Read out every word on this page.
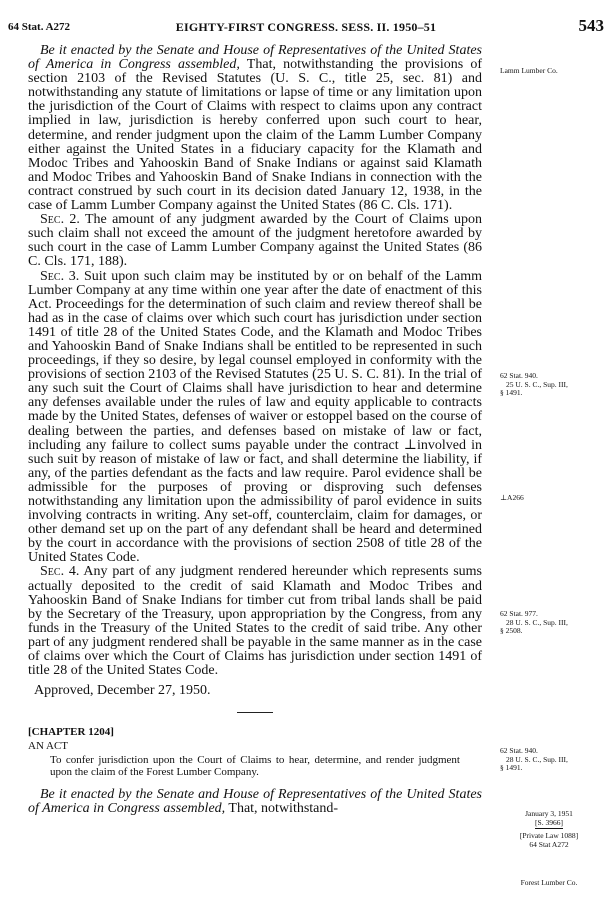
64 Stat. A272	EIGHTY-FIRST CONGRESS. SESS. II. 1950–51	543

Be it enacted by the Senate and House of Representatives of the United States of America in Congress assembled, That, notwithstanding the provisions of section 2103 of the Revised Statutes (U. S. C., title 25, sec. 81) and notwithstanding any statute of limitations or lapse of time or any limitation upon the jurisdiction of the Court of Claims with respect to claims upon any contract implied in law, jurisdiction is hereby conferred upon such court to hear, determine, and render judgment upon the claim of the Lamm Lumber Company either against the United States in a fiduciary capacity for the Klamath and Modoc Tribes and Yahooskin Band of Snake Indians or against said Klamath and Modoc Tribes and Yahooskin Band of Snake Indians in connection with the contract construed by such court in its decision dated January 12, 1938, in the case of Lamm Lumber Company against the United States (86 C. Cls. 171).

Sec. 2. The amount of any judgment awarded by the Court of Claims upon such claim shall not exceed the amount of the judgment heretofore awarded by such court in the case of Lamm Lumber Company against the United States (86 C. Cls. 171, 188).

Sec. 3. Suit upon such claim may be instituted by or on behalf of the Lamm Lumber Company at any time within one year after the date of enactment of this Act. Proceedings for the determination of such claim and review thereof shall be had as in the case of claims over which such court has jurisdiction under section 1491 of title 28 of the United States Code, and the Klamath and Modoc Tribes and Yahooskin Band of Snake Indians shall be entitled to be represented in such proceedings, if they so desire, by legal counsel employed in conformity with the provisions of section 2103 of the Revised Statutes (25 U. S. C. 81). In the trial of any such suit the Court of Claims shall have jurisdiction to hear and determine any defenses available under the rules of law and equity applicable to contracts made by the United States, defenses of waiver or estoppel based on the course of dealing between the parties, and defenses based on mistake of law or fact, including any failure to collect sums payable under the contract ⊥involved in such suit by reason of mistake of law or fact, and shall determine the liability, if any, of the parties defendant as the facts and law require. Parol evidence shall be admissible for the purposes of proving or disproving such defenses notwithstanding any limitation upon the admissibility of parol evidence in suits involving contracts in writing. Any set-off, counterclaim, claim for damages, or other demand set up on the part of any defendant shall be heard and determined by the court in accordance with the provisions of section 2508 of title 28 of the United States Code.

Sec. 4. Any part of any judgment rendered hereunder which represents sums actually deposited to the credit of said Klamath and Modoc Tribes and Yahooskin Band of Snake Indians for timber cut from tribal lands shall be paid by the Secretary of the Treasury, upon appropriation by the Congress, from any funds in the Treasury of the United States to the credit of said tribe. Any other part of any judgment rendered shall be payable in the same manner as in the case of claims over which the Court of Claims has jurisdiction under section 1491 of title 28 of the United States Code.

Approved, December 27, 1950.

[CHAPTER 1204]

AN ACT

To confer jurisdiction upon the Court of Claims to hear, determine, and render judgment upon the claim of the Forest Lumber Company.

Be it enacted by the Senate and House of Representatives of the United States of America in Congress assembled, That, notwithstand-

Lamm Lumber Co.
62 Stat. 940.
25 U. S. C., Sup. III,
§ 1491.
⊥A266
62 Stat. 977.
28 U. S. C., Sup. III,
§ 2508.
62 Stat. 940.
28 U. S. C., Sup. III,
§ 1491.
January 3, 1951
[S. 3966]
[Private Law 1088]
64 Stat A272
Forest Lumber Co.
